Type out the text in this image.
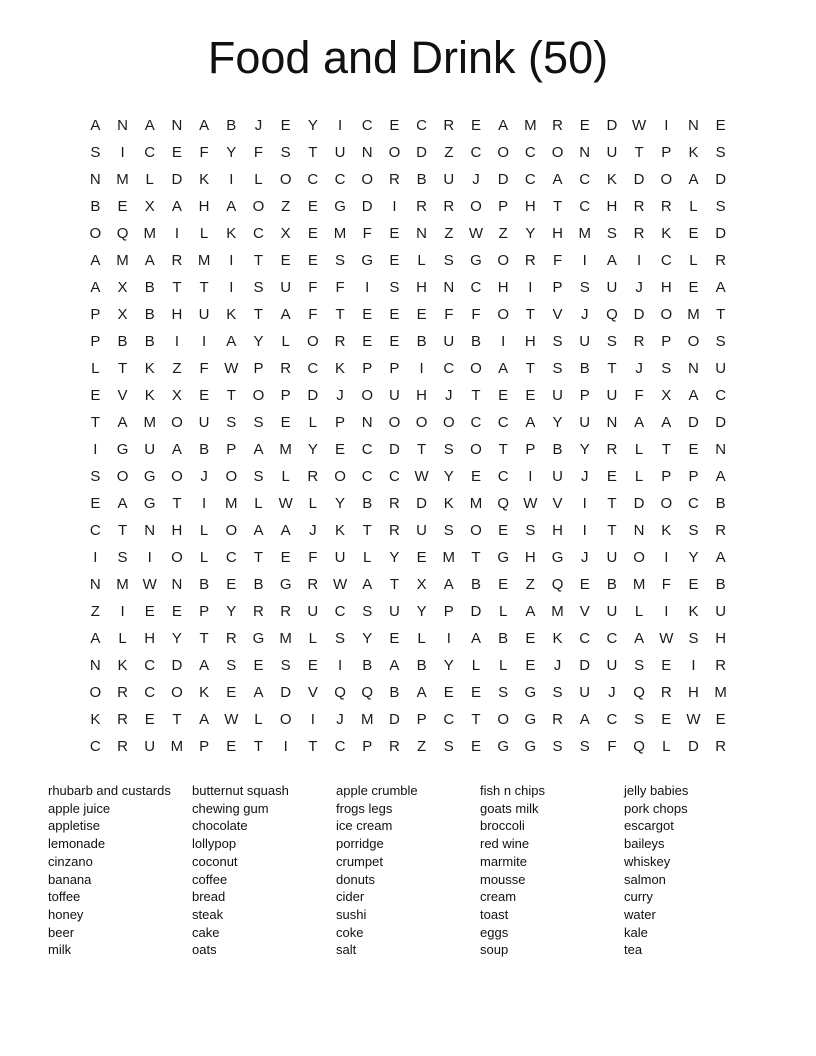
Food and Drink (50)
A	N	A	N	A	B	J	E	Y	I	C	E	C	R	E	A	M	R	E	D W	I	N	E
S	I	C	E	F	Y	F	S	T	U	N	O	D	Z	C	O	C	O	N	U	T	P	K	S
N	M	L	D	K	I	L	O	C	C	O	R	B	U	J	D	C	A	C	K	D	O	A	D
B	E	X	A	H	A	O	Z	E	G	D	I	R	R	O	P	H	T	C	H	R	R	L	S
O	Q	M	I	L	K	C	X	E	M	F	E	N	Z	W	Z	Y	H	M	S	R	K	E	D
A	M	A	R	M	I	T	E	E	S	G	E	L	S	G	O	R	F	I	A	I	C	L	R
A	X	B	T	T	I	S	U	F	F	I	S	H	N	C	H	I	P	S	U	J	H	E	A
P	X	B	H	U	K	T	A	F	T	E	E	E	F	F	O	T	V	J	Q	D	O	M	T
P	B	B	I	I	A	Y	L	O	R	E	E	B	U	B	I	H	S	U	S	R	P	O	S
L	T	K	Z	F	W	P	R	C	K	P	P	I	C	O	A	T	S	B	T	J	S	N	U
E	V	K	X	E	T	O	P	D	J	O	U	H	J	T	E	E	U	P	U	F	X	A	C
T	A	M	O	U	S	S	E	L	P	N	O	O	O	C	C	A	Y	U	N	A	A	D	D
I	G	U	A	B	P	A	M	Y	E	C	D	T	S	O	T	P	B	Y	R	L	T	E	N
S	O	G	O	J	O	S	L	R	O	C	C W	Y	E	C	I	U	J	E	L	P	P	A
E	A	G	T	I	M	L	W	L	Y	B	R	D	K	M	Q W	V	I	T	D	O	C	B
C	T	N	H	L	O	A	A	J	K	T	R	U	S	O	E	S	H	I	T	N	K	S	R
I	S	I	O	L	C	T	E	F	U	L	Y	E	M	T	G	H	G	J	U	O	I	Y	A
N	M W N	B	E	B	G	R W	A	T	X	A	B	E	Z	Q	E	B	M	F	E	B
Z	I	E	E	P	Y	R	R	U	C	S	U	Y	P	D	L	A	M	V	U	L	I	K	U
A	L	H	Y	T	R	G	M	L	S	Y	E	L	I	A	B	E	K	C	C	A	W	S	H
N	K	C	D	A	S	E	S	E	I	B	A	B	Y	L	L	E	J	D	U	S	E	I	R
O	R	C	O	K	E	A	D	V	Q	Q	B	A	E	E	S	G	S	U	J	Q	R	H	M
K	R	E	T	A	W	L	O	I	J	M	D	P	C	T	O	G	R	A	C	S	E	W	E
C	R	U	M	P	E	T	I	T	C	P	R	Z	S	E	G	G	S	S	F	Q	L	D	R
rhubarb and custards
apple juice
appletise
lemonade
cinzano
banana
toffee
honey
beer
milk
butternut squash
chewing gum
chocolate
lollypop
coconut
coffee
bread
steak
cake
oats
apple crumble
frogs legs
ice cream
porridge
crumpet
donuts
cider
sushi
coke
salt
fish n chips
goats milk
broccoli
red wine
marmite
mousse
cream
toast
eggs
soup
jelly babies
pork chops
escargot
baileys
whiskey
salmon
curry
water
kale
tea
